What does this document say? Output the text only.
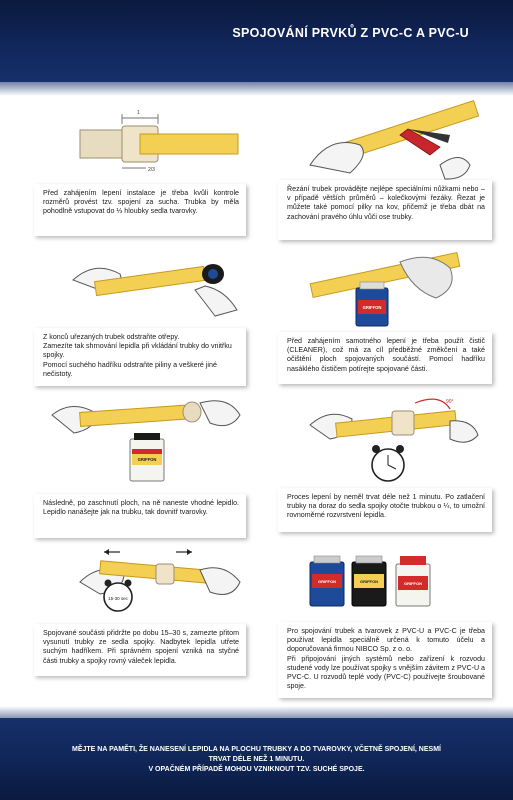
SPOJOVÁNÍ PRVKŮ Z PVC-C A PVC-U
1
2/3
Před zahájením lepení instalace je třeba kvůli kontrole rozměrů provést tzv. spojení za sucha. Trubka by měla pohodlně vstupovat do ⅓ hloubky sedla tvarovky.
Řezání trubek provádějte nejlépe speciálními nůžkami nebo – v případě větších průměrů – kolečkovými řezáky. Řezat je můžete také pomocí pilky na kov, přičemž je třeba dbát na zachování pravého úhlu vůči ose trubky.
Z konců uřezaných trubek odstraňte otřepy.
Zamezíte tak shrnování lepidla při vkládání trubky do vnitřku spojky.
Pomocí suchého hadříku odstraňte piliny a veškeré jiné nečistoty.
GRIFFON
Před zahájením samotného lepení je třeba použít čistič (CLEANER), což má za cíl předběžné změkčení a také očištění ploch spojovaných součástí. Pomocí hadříku nasáklého čističem potírejte spojované části.
GRIFFON
Následně, po zaschnutí ploch, na ně naneste vhodné lepidlo. Lepidlo nanášejte jak na trubku, tak dovnitř tvarovky.
90°
Proces lepení by neměl trvat déle než 1 minutu. Po zatlačení trubky na doraz do sedla spojky otočte trubkou o ¼, to umožní rovnoměrné rozvrstvení lepidla.
15-30 sec
Spojované součásti přidržte po dobu 15–30 s, zamezte přitom vysunutí trubky ze sedla spojky. Nadbytek lepidla utřete suchým hadříkem. Při správném spojení vzniká na styčné části trubky a spojky rovný váleček lepidla.
GRIFFON	GRIFFON	GRIFFON
Pro spojování trubek a tvarovek z PVC-U a PVC-C je třeba používat lepidla speciálně určená k tomuto účelu a doporučovaná firmou NIBCO Sp. z o. o.
Při připojování jiných systémů nebo zařízení k rozvodu studené vody lze používat spojky s vnějším závitem z PVC-U a PVC-C. U rozvodů teplé vody (PVC-C) používejte šroubované spoje.
MĚJTE NA PAMĚTI, ŽE NANESENÍ LEPIDLA NA PLOCHU TRUBKY A DO TVAROVKY, VČETNĚ SPOJENÍ, NESMÍ
TRVAT DÉLE NEŽ 1 MINUTU.
V OPAČNÉM PŘÍPADĚ MOHOU VZNIKNOUT TZV. SUCHÉ SPOJE.
